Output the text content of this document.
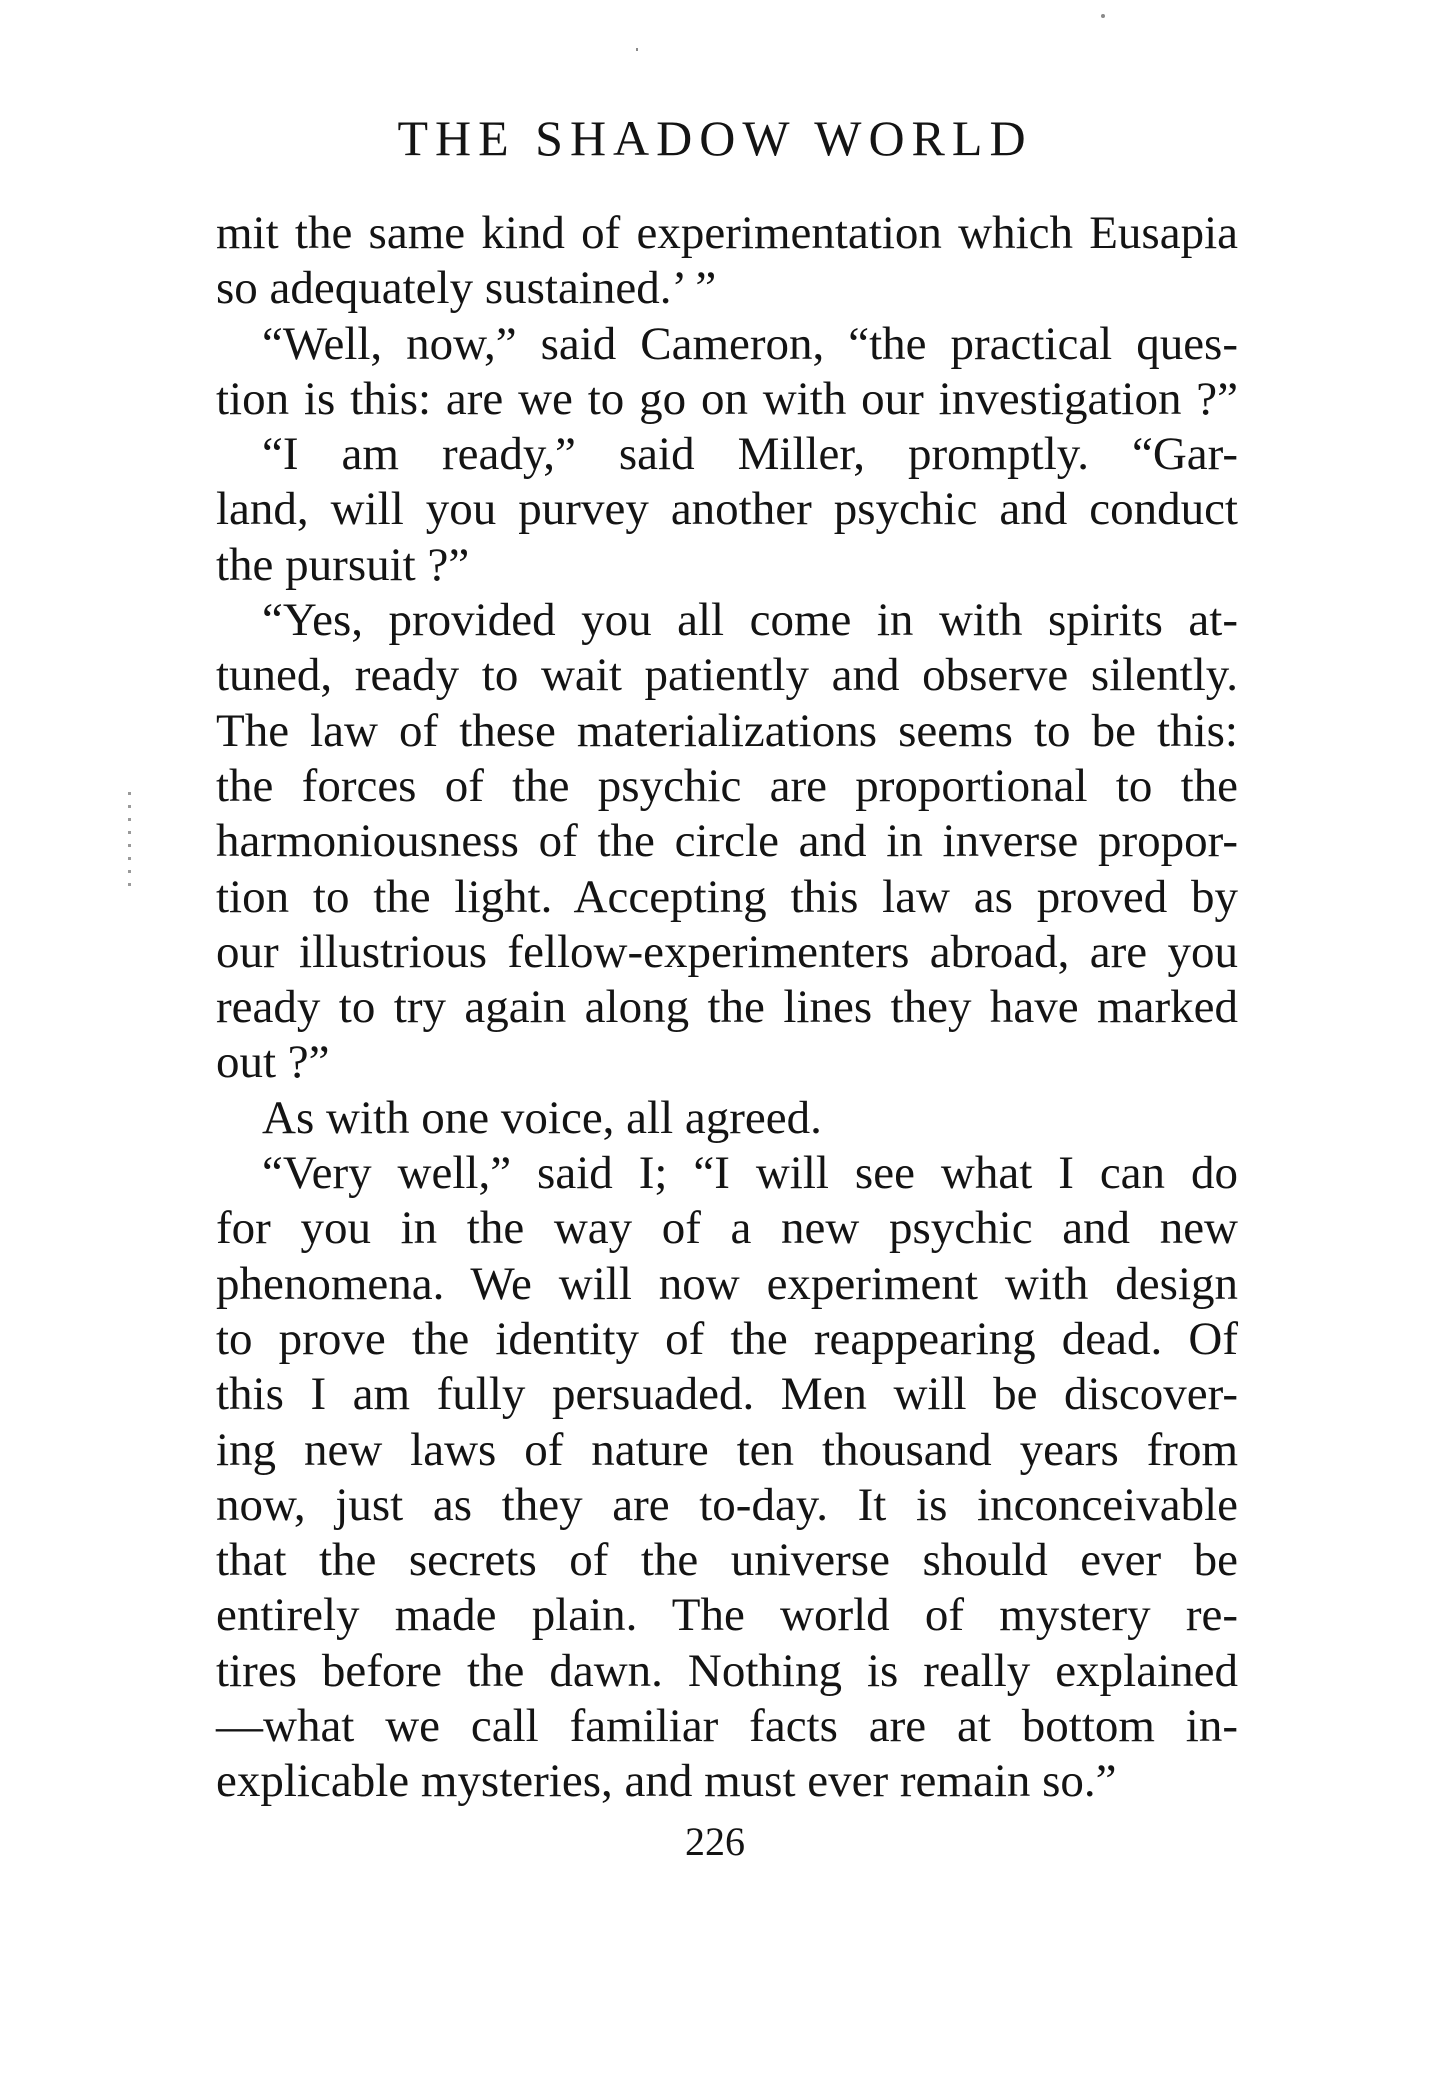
THE SHADOW WORLD
mit the same kind of experimentation which Eusapia
so adequately sustained.’ ”
“Well, now,” said Cameron, “the practical ques-
tion is this: are we to go on with our investigation ?”
“I am ready,” said Miller, promptly. “Gar-
land, will you purvey another psychic and conduct
the pursuit ?”
“Yes, provided you all come in with spirits at-
tuned, ready to wait patiently and observe silently.
The law of these materializations seems to be this:
the forces of the psychic are proportional to the
harmoniousness of the circle and in inverse propor-
tion to the light. Accepting this law as proved by
our illustrious fellow-experimenters abroad, are you
ready to try again along the lines they have marked
out ?”
As with one voice, all agreed.
“Very well,” said I; “I will see what I can do
for you in the way of a new psychic and new
phenomena. We will now experiment with design
to prove the identity of the reappearing dead. Of
this I am fully persuaded. Men will be discover-
ing new laws of nature ten thousand years from
now, just as they are to-day. It is inconceivable
that the secrets of the universe should ever be
entirely made plain. The world of mystery re-
tires before the dawn. Nothing is really explained
—what we call familiar facts are at bottom in-
explicable mysteries, and must ever remain so.”
226
